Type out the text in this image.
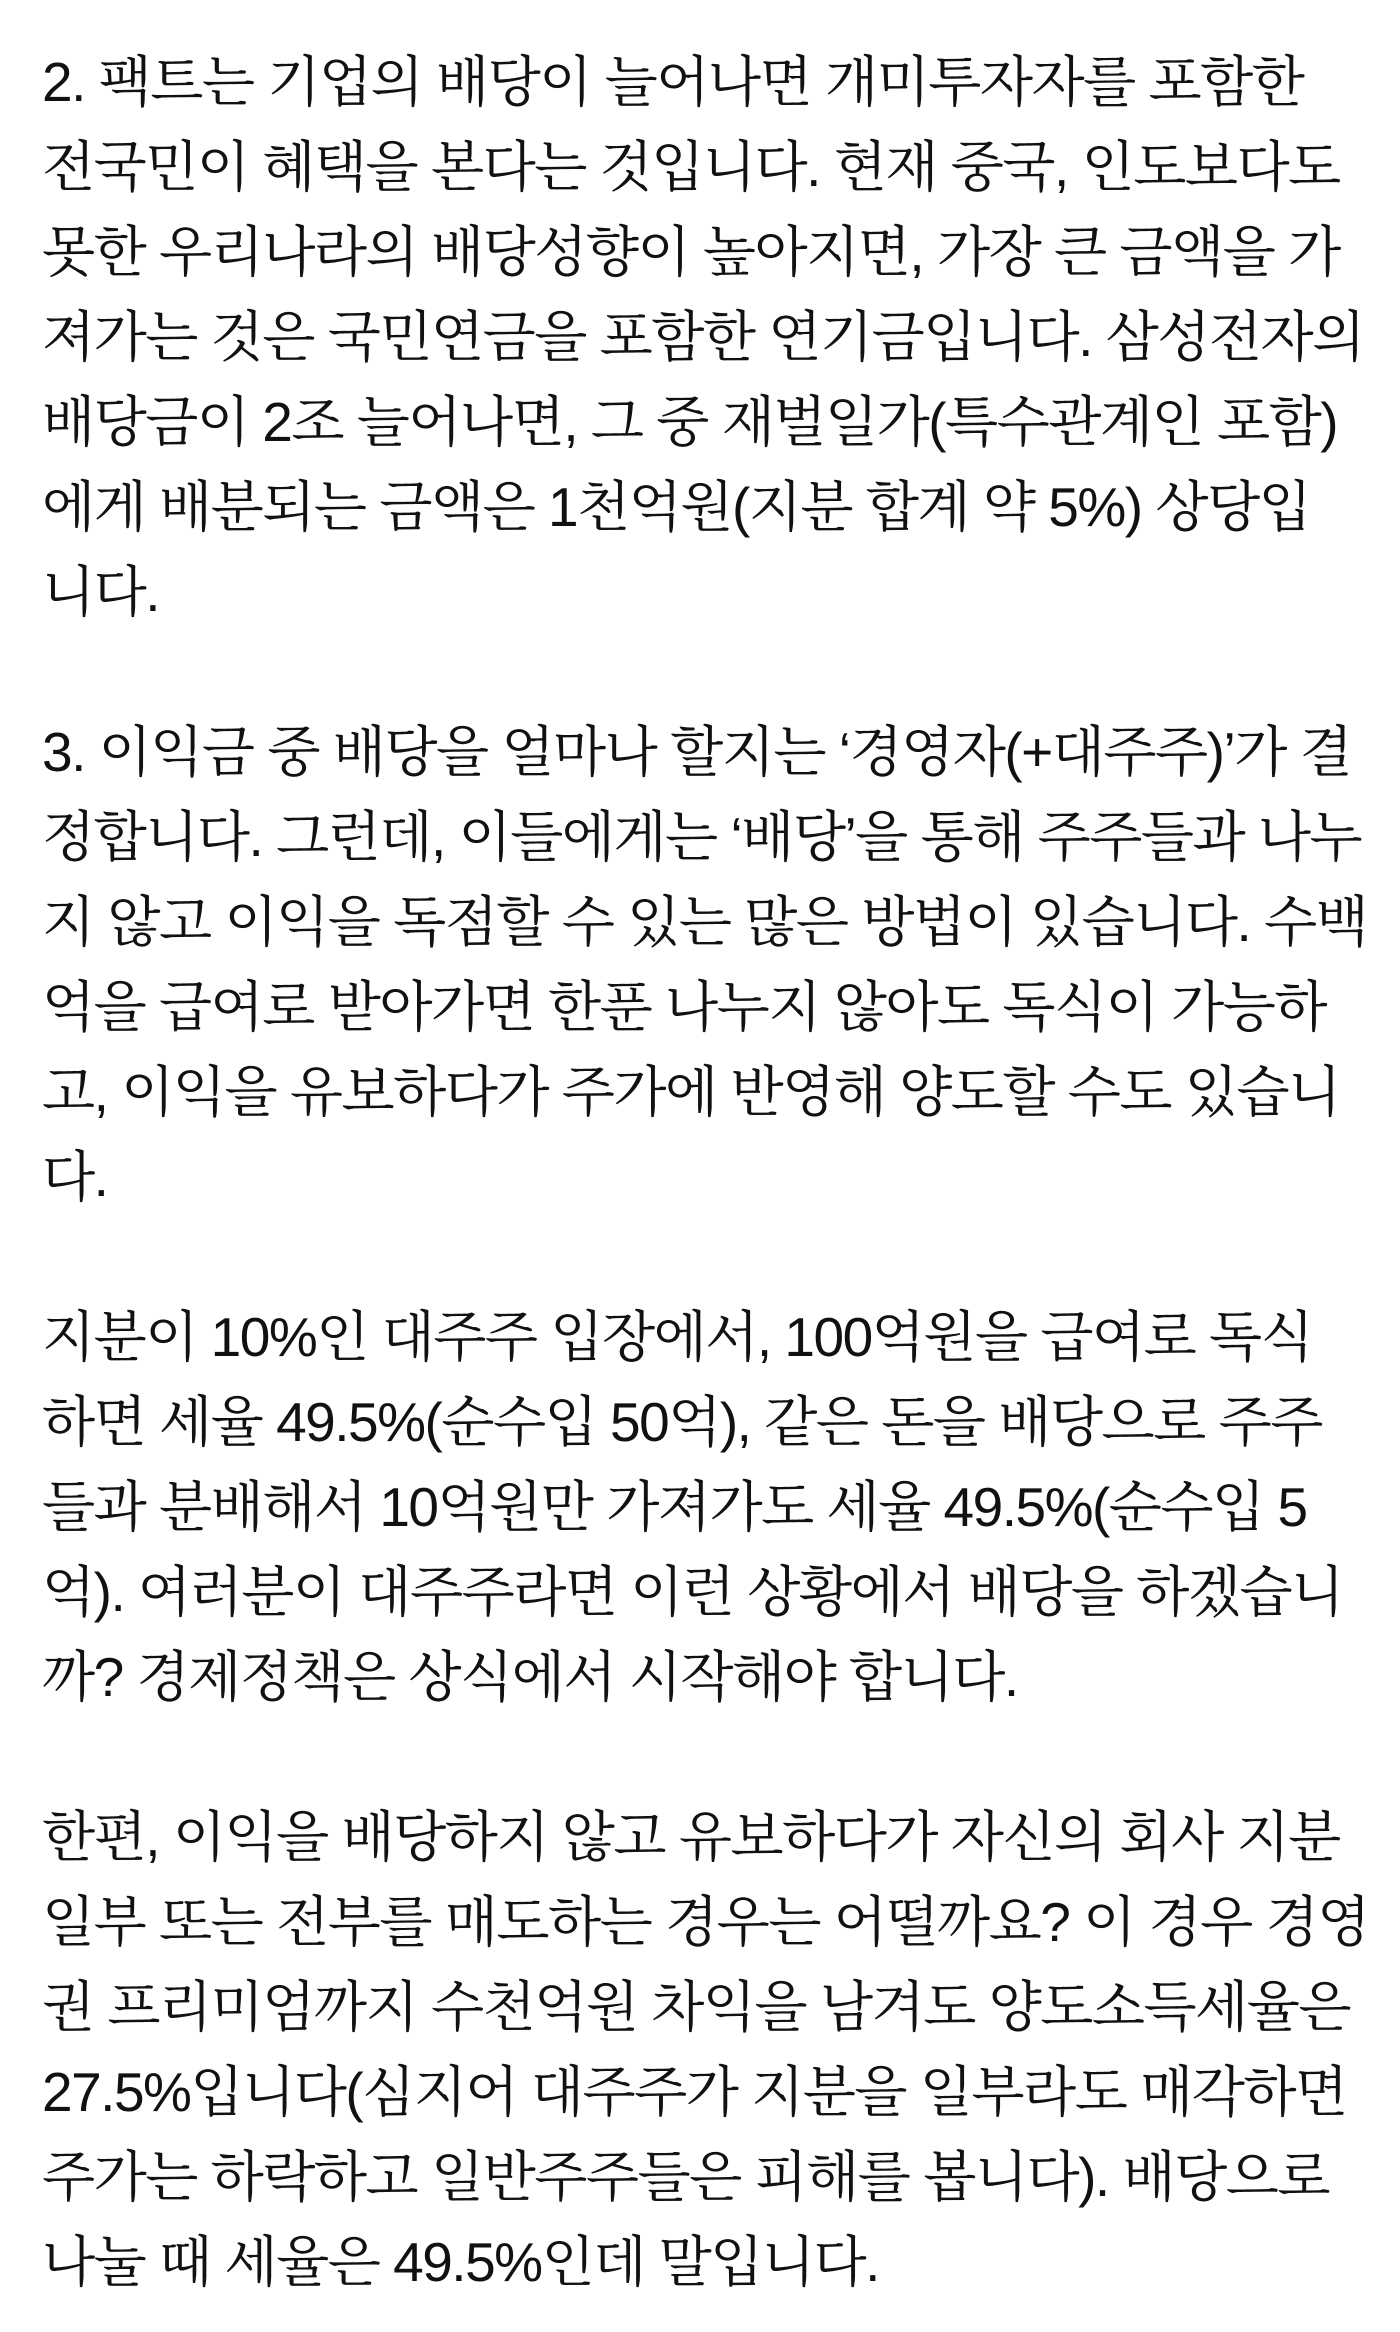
2. 팩트는 기업의 배당이 늘어나면 개미투자자를 포함한
전국민이 혜택을 본다는 것입니다. 현재 중국, 인도보다도
못한 우리나라의 배당성향이 높아지면, 가장 큰 금액을 가
져가는 것은 국민연금을 포함한 연기금입니다. 삼성전자의
배당금이 2조 늘어나면, 그 중 재벌일가(특수관계인 포함)
에게 배분되는 금액은 1천억원(지분 합계 약 5%) 상당입
니다.
3. 이익금 중 배당을 얼마나 할지는 ‘경영자(+대주주)’가 결
정합니다. 그런데, 이들에게는 ‘배당’을 통해 주주들과 나누
지 않고 이익을 독점할 수 있는 많은 방법이 있습니다. 수백
억을 급여로 받아가면 한푼 나누지 않아도 독식이 가능하
고, 이익을 유보하다가 주가에 반영해 양도할 수도 있습니
다.
지분이 10%인 대주주 입장에서, 100억원을 급여로 독식
하면 세율 49.5%(순수입 50억), 같은 돈을 배당으로 주주
들과 분배해서 10억원만 가져가도 세율 49.5%(순수입 5
억). 여러분이 대주주라면 이런 상황에서 배당을 하겠습니
까? 경제정책은 상식에서 시작해야 합니다.
한편, 이익을 배당하지 않고 유보하다가 자신의 회사 지분
일부 또는 전부를 매도하는 경우는 어떨까요? 이 경우 경영
권 프리미엄까지 수천억원 차익을 남겨도 양도소득세율은
27.5%입니다(심지어 대주주가 지분을 일부라도 매각하면
주가는 하락하고 일반주주들은 피해를 봅니다). 배당으로
나눌 때 세율은 49.5%인데 말입니다.
